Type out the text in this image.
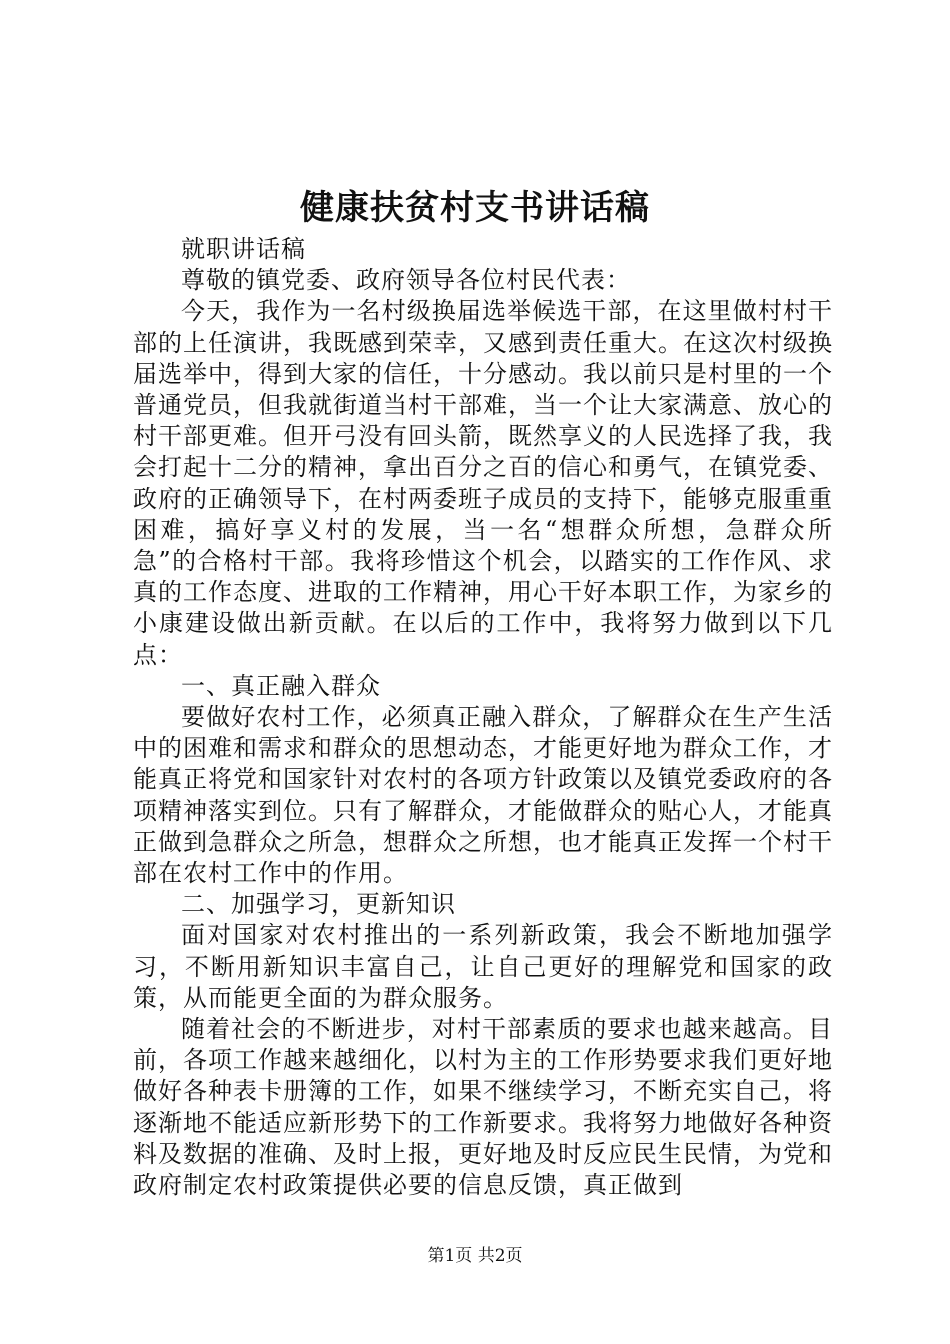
健康扶贫村支书讲话稿

就职讲话稿

尊敬的镇党委、政府领导各位村民代表：

今天，我作为一名村级换届选举候选干部，在这里做村村干部的上任演讲，我既感到荣幸，又感到责任重大。在这次村级换届选举中，得到大家的信任，十分感动。我以前只是村里的一个普通党员，但我就街道当村干部难，当一个让大家满意、放心的村干部更难。但开弓没有回头箭，既然享义的人民选择了我，我会打起十二分的精神，拿出百分之百的信心和勇气，在镇党委、政府的正确领导下，在村两委班子成员的支持下，能够克服重重困难，搞好享义村的发展，当一名“想群众所想，急群众所急”的合格村干部。我将珍惜这个机会，以踏实的工作作风、求真的工作态度、进取的工作精神，用心干好本职工作，为家乡的小康建设做出新贡献。在以后的工作中，我将努力做到以下几点：

一、真正融入群众

要做好农村工作，必须真正融入群众，了解群众在生产生活中的困难和需求和群众的思想动态，才能更好地为群众工作，才能真正将党和国家针对农村的各项方针政策以及镇党委政府的各项精神落实到位。只有了解群众，才能做群众的贴心人，才能真正做到急群众之所急，想群众之所想，也才能真正发挥一个村干部在农村工作中的作用。

二、加强学习，更新知识

面对国家对农村推出的一系列新政策，我会不断地加强学习，不断用新知识丰富自己，让自己更好的理解党和国家的政策，从而能更全面的为群众服务。

随着社会的不断进步，对村干部素质的要求也越来越高。目前，各项工作越来越细化，以村为主的工作形势要求我们更好地做好各种表卡册簿的工作，如果不继续学习，不断充实自己，将逐渐地不能适应新形势下的工作新要求。我将努力地做好各种资料及数据的准确、及时上报，更好地及时反应民生民情，为党和政府制定农村政策提供必要的信息反馈，真正做到

第1页 共2页
